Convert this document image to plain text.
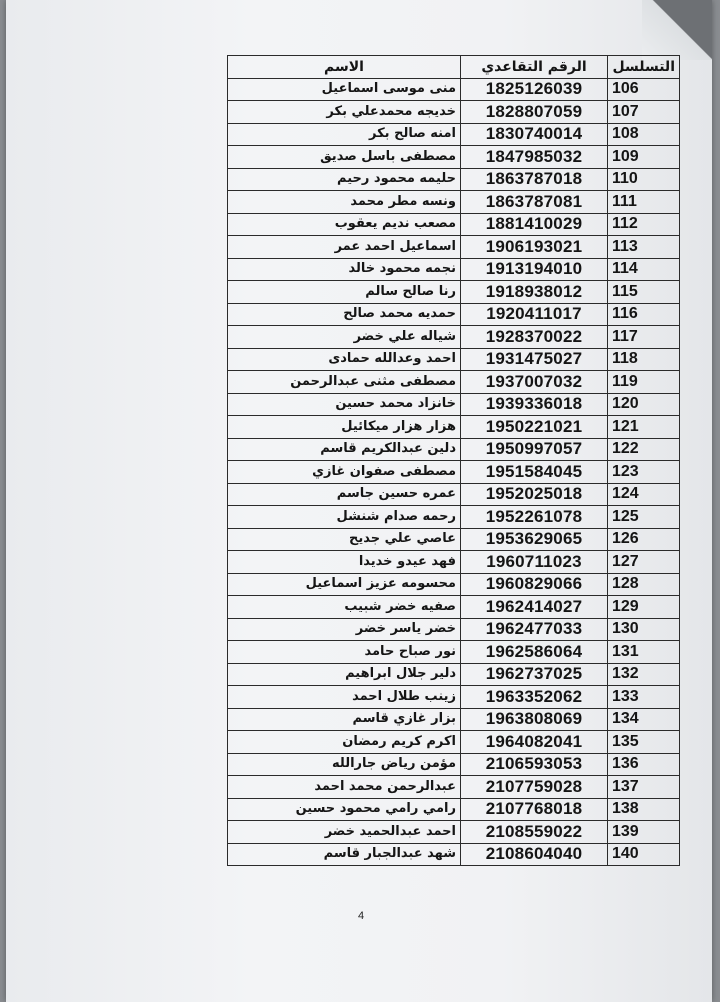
التسلسل	الرقم التقاعدي	الاسم
106	1825126039	منى موسى اسماعيل
107	1828807059	خديجه محمدعلي بكر
108	1830740014	امنه صالح بكر
109	1847985032	مصطفى باسل صديق
110	1863787018	حليمه محمود رحيم
111	1863787081	ونسه مطر محمد
112	1881410029	مصعب نديم يعقوب
113	1906193021	اسماعيل احمد عمر
114	1913194010	نجمه محمود خالد
115	1918938012	رنا صالح سالم
116	1920411017	حمديه محمد صالح
117	1928370022	شياله علي خضر
118	1931475027	احمد وعدالله حمادى
119	1937007032	مصطفى مثنى عبدالرحمن
120	1939336018	خانزاد محمد حسين
121	1950221021	هزار هزار ميكائيل
122	1950997057	دلين عبدالكريم قاسم
123	1951584045	مصطفى صفوان غازي
124	1952025018	عمره حسين جاسم
125	1952261078	رحمه صدام شنشل
126	1953629065	عاصي علي جديح
127	1960711023	فهد عيدو خديدا
128	1960829066	محسومه عزيز اسماعيل
129	1962414027	صفيه خضر شبيب
130	1962477033	خضر ياسر خضر
131	1962586064	نور صباح حامد
132	1962737025	دلير جلال ابراهيم
133	1963352062	زينب طلال احمد
134	1963808069	بزار غازي قاسم
135	1964082041	اكرم كريم رمضان
136	2106593053	مؤمن رياض جارالله
137	2107759028	عبدالرحمن محمد احمد
138	2107768018	رامي رامي محمود حسين
139	2108559022	احمد عبدالحميد خضر
140	2108604040	شهد عبدالجبار قاسم
4
